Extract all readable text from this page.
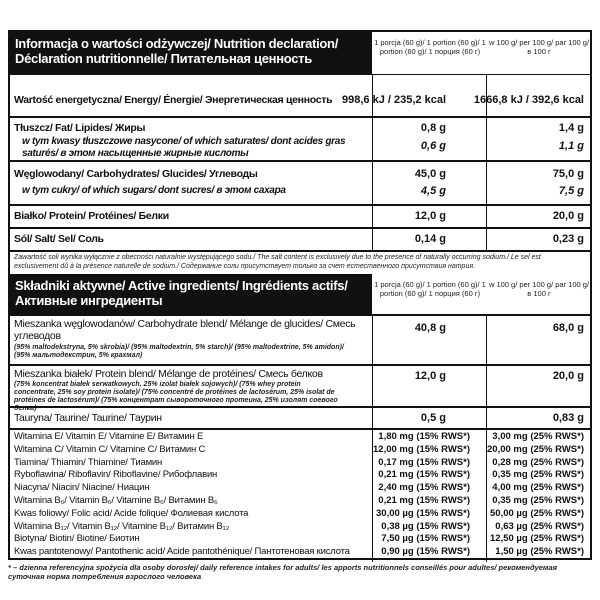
Informacja o wartości odżywczej/ Nutrition declaration/
Déclaration nutritionnelle/ Питательная ценность
1 porcja (60 g)/ 1 portion (60 g)/ 1 portion (60 g)/ 1 порция (60 г)
w 100 g/ per 100 g/ par 100 g/ в 100 г
Wartość energetyczna/ Energy/ Énergie/ Энергетическая ценность 998,6 kJ / 235,2 kcal	1666,8 kJ / 392,6 kcal
Tłuszcz/ Fat/ Lipides/ Жиры	0,8 g	1,4 g
w tym kwasy tłuszczowe nasycone/ of which saturates/ dont acides gras saturés/ в этом насыщенные жирные кислоты
0,6 g	1,1 g
Węglowodany/ Carbohydrates/ Glucides/ Углеводы	45,0 g	75,0 g
w tym cukry/ of which sugars/ dont sucres/ в этом сахара	4,5 g	7,5 g
Białko/ Protein/ Protéines/ Белки	12,0 g	20,0 g
Sól/ Salt/ Sel/ Соль	0,14 g	0,23 g
Zawartość soli wynika wyłącznie z obecności naturalnie występującego sodu./ The salt content is exclusively due to the presence of naturally occurring sodium./ Le sel est exclusivement dû à la présence naturelle de sodium./ Содержание соли присутствует только за счет естественного присутствия натрия.
Składniki aktywne/ Active ingredients/ Ingrédients actifs/
Активные ингредиенты
1 porcja (60 g)/ 1 portion (60 g)/ 1 portion (60 g)/ 1 порция (60 г)
w 100 g/ per 100 g/ par 100 g/ в 100 г
Mieszanka węglowodanów/ Carbohydrate blend/ Mélange de glucides/ Смесь углеводов
(95% maltodekstryna, 5% skrobia)/ (95% maltodextrin, 5% starch)/ (95% maltodextrine, 5% amidon)/ (95% мальтодекстрин, 5% крахмал)
40,8 g	68,0 g
Mieszanka białek/ Protein blend/ Mélange de protéines/ Смесь белков
(75% koncentrat białek serwatkowych, 25% izolat białek sojowych)/ (75% whey protein concentrate, 25% soy protein isolate)/ (75% concentré de protéines de lactosérum, 25% isolat de protéines de lactosérum)/ (75% концентрат сывороточного протеина, 25% изолят соевого белка)
12,0 g	20,0 g
Tauryna/ Taurine/ Taurine/ Таурин	0,5 g	0,83 g
Witamina E/ Vitamin E/ Vitamine E/ Витамин E	1,80 mg (15% RWS*) 3,00 mg (25% RWS*)
Witamina C/ Vitamin C/ Vitamine C/ Витамин C	12,00 mg (15% RWS*) 20,00 mg (25% RWS*)
Tiamina/ Thiamin/ Thiamine/ Тиамин	0,17 mg (15% RWS*) 0,28 mg (25% RWS*)
Ryboflawina/ Riboflavin/ Riboflavine/ Рибофлавин	0,21 mg (15% RWS*) 0,35 mg (25% RWS*)
Niacyna/ Niacin/ Niacine/ Ниацин	2,40 mg (15% RWS*) 4,00 mg (25% RWS*)
Witamina B₆/ Vitamin B₆/ Vitamine B₆/ Витамин B₆	0,21 mg (15% RWS*) 0,35 mg (25% RWS*)
Kwas foliowy/ Folic acid/ Acide folique/ Фолиевая кислота	30,00 µg (15% RWS*) 50,00 µg (25% RWS*)
Witamina B₁₂/ Vitamin B₁₂/ Vitamine B₁₂/ Витамин B₁₂	0,38 µg (15% RWS*)	0,63 µg (25% RWS*)
Biotyna/ Biotin/ Biotine/ Биотин	7,50 µg (15% RWS*) 12,50 µg (25% RWS*)
Kwas pantotenowy/ Pantothenic acid/ Acide pantothénique/ Пантотеновая кислота	0,90 µg (15% RWS*)	1,50 µg (25% RWS*)
* – dzienna referencyjna spożycia dla osoby dorosłej/ daily reference intakes for adults/ les apports nutritionnels conseillés pour adultes/ рекомендуемая суточная норма потребления взрослого человека
